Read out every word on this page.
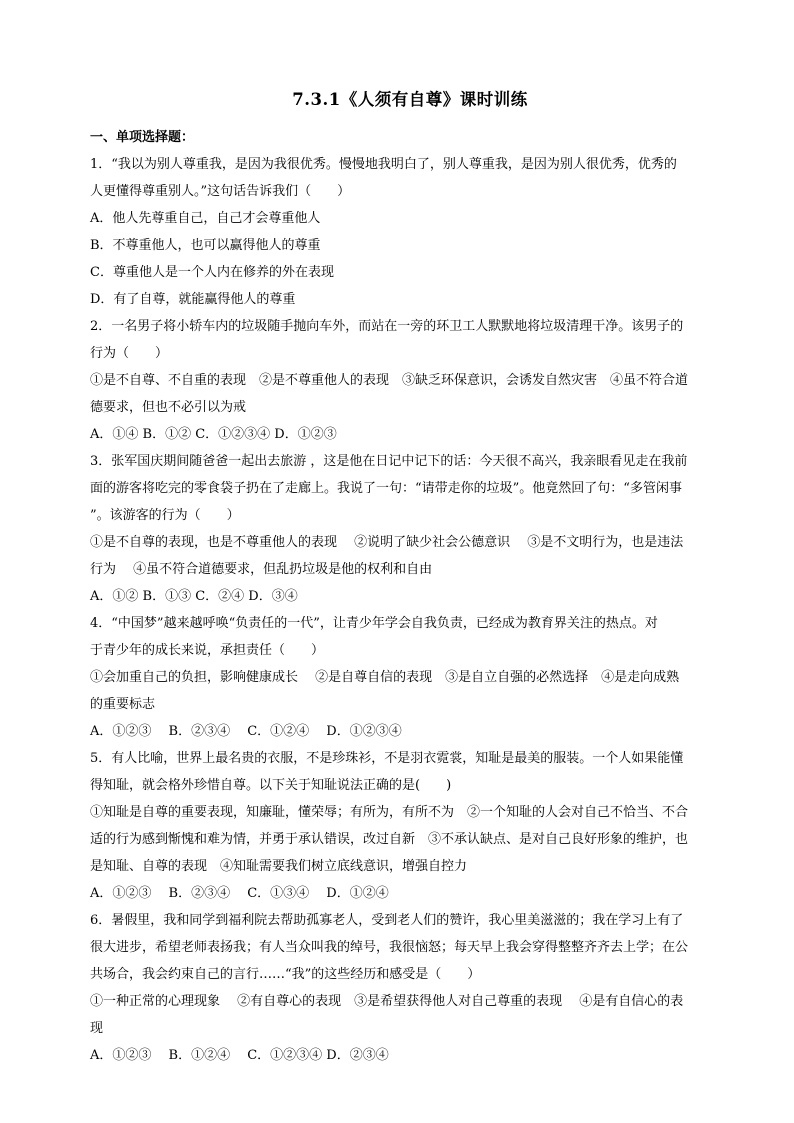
7.3.1《人须有自尊》课时训练
一、单项选择题：
1．“我以为别人尊重我，是因为我很优秀。慢慢地我明白了，别人尊重我，是因为别人很优秀，优秀的
人更懂得尊重别人。”这句话告诉我们（　　）
A．他人先尊重自己，自己才会尊重他人
B．不尊重他人，也可以赢得他人的尊重
C．尊重他人是一个人内在修养的外在表现
D．有了自尊，就能赢得他人的尊重
2．一名男子将小轿车内的垃圾随手抛向车外，而站在一旁的环卫工人默默地将垃圾清理干净。该男子的
行为（　　）
①是不自尊、不自重的表现　②是不尊重他人的表现　③缺乏环保意识，会诱发自然灾害　④虽不符合道
德要求，但也不必引以为戒
A．①④ B．①② C．①②③④ D．①②③
3．张军国庆期间随爸爸一起出去旅游 ，这是他在日记中记下的话：今天很不高兴，我亲眼看见走在我前
面的游客将吃完的零食袋子扔在了走廊上。我说了一句：“请带走你的垃圾”。他竟然回了句：“多管闲事
”。该游客的行为（　　）
①是不自尊的表现，也是不尊重他人的表现　 ②说明了缺少社会公德意识　 ③是不文明行为，也是违法
行为　 ④虽不符合道德要求，但乱扔垃圾是他的权利和自由
A．①② B．①③ C．②④ D．③④
4．“中国梦”越来越呼唤“负责任的一代”，让青少年学会自我负责，已经成为教育界关注的热点。对
于青少年的成长来说，承担责任（　　）
①会加重自己的负担，影响健康成长　 ②是自尊自信的表现　③是自立自强的必然选择　④是走向成熟
的重要标志
A．①②③　 B．②③④　 C．①②④　 D．①②③④
5．有人比喻，世界上最名贵的衣服，不是珍珠衫，不是羽衣霓裳，知耻是最美的服装。一个人如果能懂
得知耻，就会格外珍惜自尊。以下关于知耻说法正确的是(　　)
①知耻是自尊的重要表现，知廉耻，懂荣辱；有所为，有所不为　②一个知耻的人会对自己不恰当、不合
适的行为感到惭愧和难为情，并勇于承认错误，改过自新　③不承认缺点、是对自己良好形象的维护，也
是知耻、自尊的表现　④知耻需要我们树立底线意识，增强自控力
A．①②③　 B．②③④　 C．①③④　 D．①②④
6．暑假里，我和同学到福利院去帮助孤寡老人，受到老人们的赞许，我心里美滋滋的；我在学习上有了
很大进步，希望老师表扬我；有人当众叫我的绰号，我很恼怒；每天早上我会穿得整整齐齐去上学；在公
共场合，我会约束自己的言行……“我”的这些经历和感受是（　　）
①一种正常的心理现象　 ②有自尊心的表现　③是希望获得他人对自己尊重的表现　 ④是有自信心的表
现
A．①②③　 B．①②④　 C．①②③④ D．②③④
